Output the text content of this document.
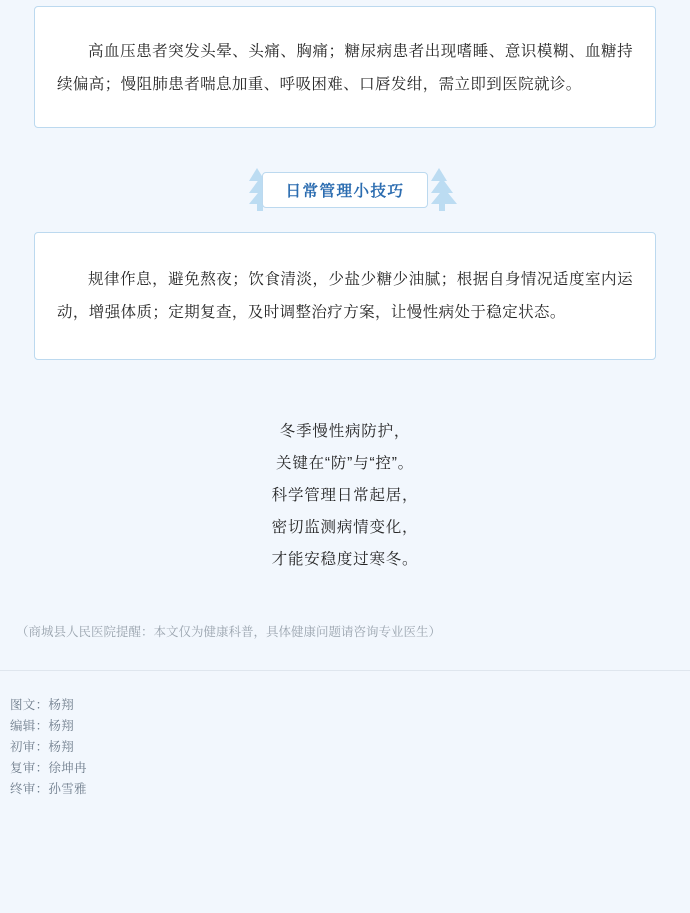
高血压患者突发头晕、头痛、胸痛；糖尿病患者出现嗜睡、意识模糊、血糖持续偏高；慢阻肺患者喘息加重、呼吸困难、口唇发绀，需立即到医院就诊。

日常管理小技巧

规律作息，避免熬夜；饮食清淡，少盐少糖少油腻；根据自身情况适度室内运动，增强体质；定期复查，及时调整治疗方案，让慢性病处于稳定状态。

冬季慢性病防护，
关键在“防”与“控”。
科学管理日常起居，
密切监测病情变化，
才能安稳度过寒冬。
（商城县人民医院提醒：本文仅为健康科普，具体健康问题请咨询专业医生）
图文：杨翔
编辑：杨翔
初审：杨翔
复审：徐坤冉
终审：孙雪雅
